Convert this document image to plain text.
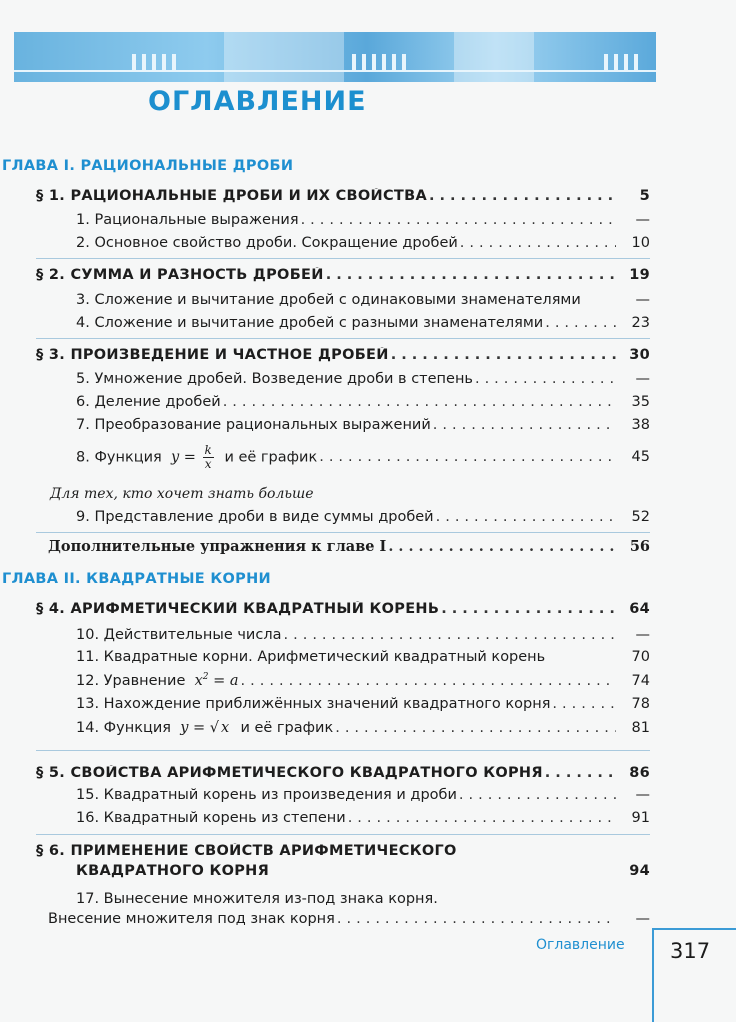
ОГЛАВЛЕНИЕ
ГЛАВА I. РАЦИОНАЛЬНЫЕ ДРОБИ
§ 1. РАЦИОНАЛЬНЫЕ ДРОБИ И ИХ СВОЙСТВА .....	5
1. Рациональные выражения .....	—
2. Основное свойство дроби. Сокращение дробей .....	10
§ 2. СУММА И РАЗНОСТЬ ДРОБЕЙ .....	19
3. Сложение и вычитание дробей с одинаковыми знаменателями	—
4. Сложение и вычитание дробей с разными знаменателями .....	23
§ 3. ПРОИЗВЕДЕНИЕ И ЧАСТНОЕ ДРОБЕЙ .....	30
5. Умножение дробей. Возведение дроби в степень .....	—
6. Деление дробей .....	35
7. Преобразование рациональных выражений .....	38
8. Функция $y = \frac{k}{x}$ и её график .....	45
Для тех, кто хочет знать больше
9. Представление дроби в виде суммы дробей .....	52
Дополнительные упражнения к главе I .....	56
ГЛАВА II. КВАДРАТНЫЕ КОРНИ
§ 4. АРИФМЕТИЧЕСКИЙ КВАДРАТНЫЙ КОРЕНЬ .....	64
10. Действительные числа .....	—
11. Квадратные корни. Арифметический квадратный корень	70
12. Уравнение $x^2 = a$ .....	74
13. Нахождение приближённых значений квадратного корня .....	78
14. Функция y = √ x и её график .....	81
§ 5. СВОЙСТВА АРИФМЕТИЧЕСКОГО КВАДРАТНОГО КОРНЯ .....	86
15. Квадратный корень из произведения и дроби .....	—
16. Квадратный корень из степени .....	91
§ 6. ПРИМЕНЕНИЕ СВОЙСТВ АРИФМЕТИЧЕСКОГО
КВАДРАТНОГО КОРНЯ	94
17. Вынесение множителя из-под знака корня.
Внесение множителя под знак корня .....	—
Оглавление 317
